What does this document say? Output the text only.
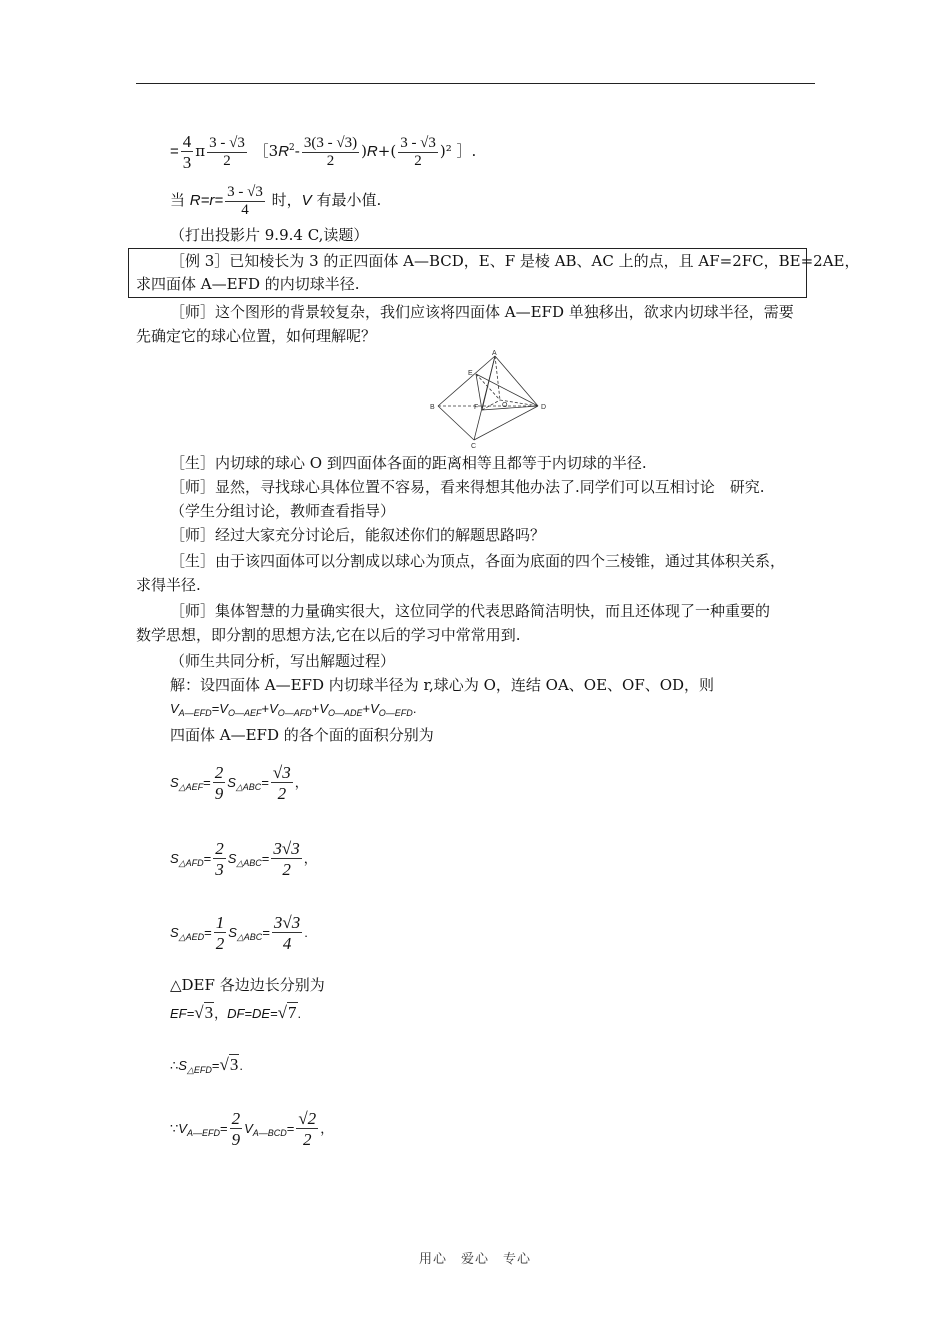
= $\frac{4}{3}$ π $\frac{3 - √3}{2}$ $[3R^2- \frac{3(3 - √3)}{2} )R+( \frac{3 - √3}{2} )^2$ ］.
当 $R=r= \frac{3 - √3}{4}$ 时，V 有最小值.
（打出投影片 9.9.4 C,读题）
［例 3］已知棱长为 3 的正四面体 A—BCD，E、F 是棱 AB、AC 上的点，且 AF=2FC，BE=2AE，
求四面体 A—EFD 的内切球半径.
［师］这个图形的背景较复杂，我们应该将四面体 A—EFD 单独移出，欲求内切球半径，需要
先确定它的球心位置，如何理解呢？
A
B
C
D
E
F	O
［生］内切球的球心 O 到四面体各面的距离相等且都等于内切球的半径.
［师］显然，寻找球心具体位置不容易，看来得想其他办法了.同学们可以互相讨论　研究.
（学生分组讨论，教师查看指导）
［师］经过大家充分讨论后，能叙述你们的解题思路吗？
［生］由于该四面体可以分割成以球心为顶点，各面为底面的四个三棱锥，通过其体积关系，
求得半径.
［师］集体智慧的力量确实很大，这位同学的代表思路简洁明快，而且还体现了一种重要的
数学思想，即分割的思想方法,它在以后的学习中常常用到.
（师生共同分析，写出解题过程）
解：设四面体 A—EFD 内切球半径为 r,球心为 O，连结 OA、OE、OF、OD，则
$V_{A—EFD}=V_{O—AEF}+V_{O—AFD}+V_{O—ADE}+V_{O—EFD}$.
四面体 A—EFD 的各个面的面积分别为
$S_{\triangle AEF}= \frac{2}{9} S_{\triangle ABC}= \frac{√3}{2}$ ，
$S_{\triangle AFD}= \frac{2}{3} S_{\triangle ABC}= \frac{3√3}{2}$ ，
$S_{\triangle AED}= \frac{1}{2} S_{\triangle ABC}= \frac{3√3}{4}$ .
△DEF 各边边长分别为
EF=√3，DF=DE=√7.
$\therefore S_{\triangle EFD}=√3$.
$\because V_{A—EFD}= \frac{2}{9} V_{A—BCD}= \frac{√2}{2}$ ，
用心　爱心　专心
